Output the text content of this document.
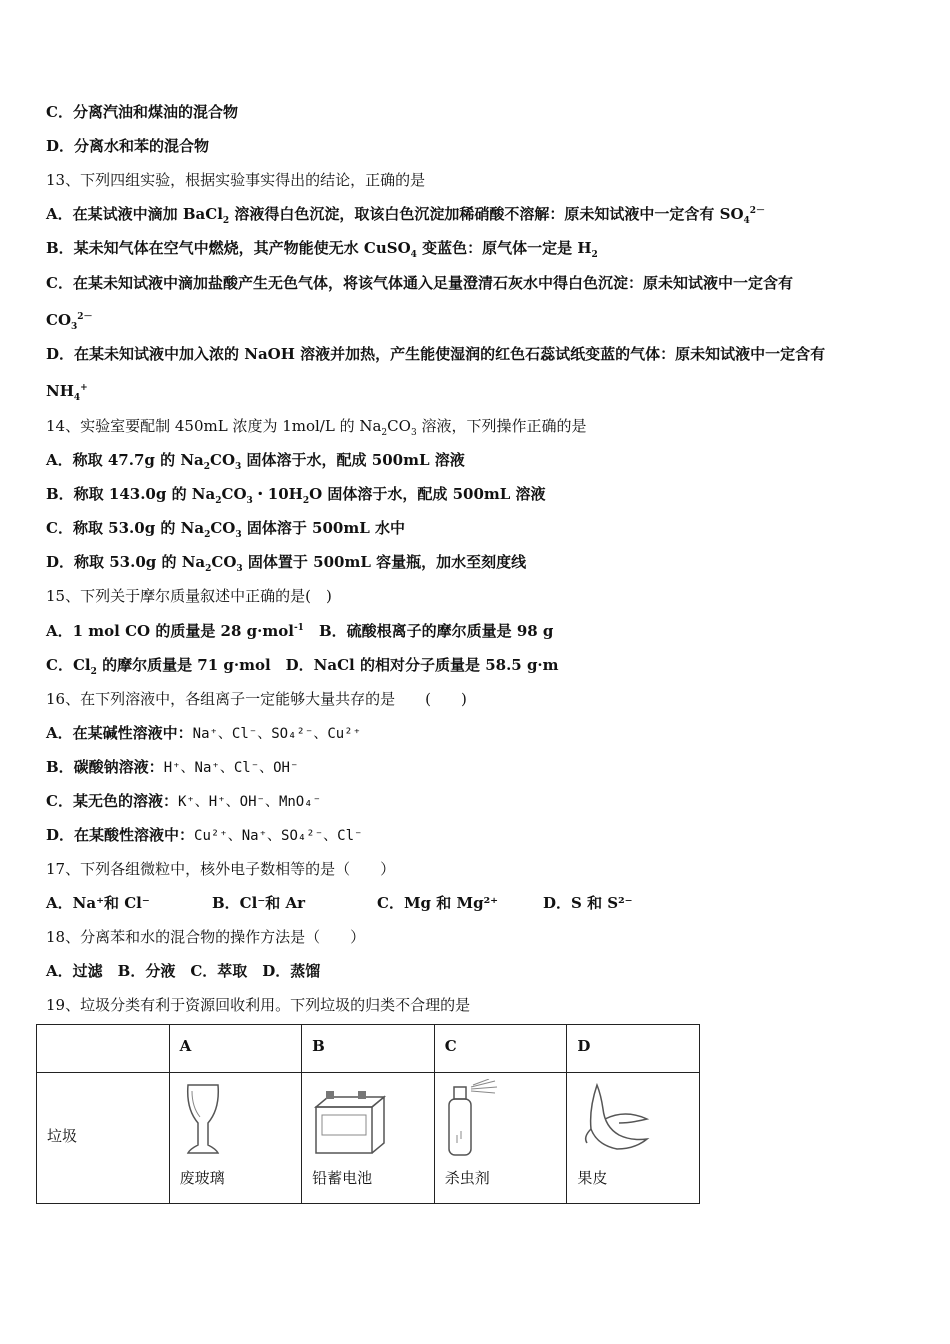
C．分离汽油和煤油的混合物
D．分离水和苯的混合物
13、下列四组实验，根据实验事实得出的结论，正确的是
A．在某试液中滴加 BaCl$_2$ 溶液得白色沉淀，取该白色沉淀加稀硝酸不溶解：原未知试液中一定含有 $SO_4^{2-}$
B．某未知气体在空气中燃烧，其产物能使无水 CuSO$_4$ 变蓝色：原气体一定是 $H_2$
C．在某未知试液中滴加盐酸产生无色气体，将该气体通入足量澄清石灰水中得白色沉淀：原未知试液中一定含有
$CO_3^{2-}$
D．在某未知试液中加入浓的 NaOH 溶液并加热，产生能使湿润的红色石蕊试纸变蓝的气体：原未知试液中一定含有
$NH_4^+$
14、实验室要配制 450mL 浓度为 1mol/L 的 $Na_2CO_3$ 溶液，下列操作正确的是
A．称取 47.7g 的 $Na_2CO_3$ 固体溶于水，配成 500mL 溶液
B．称取 143.0g 的 $Na_2CO_3$・$10H_2O$ 固体溶于水，配成 500mL 溶液
C．称取 53.0g 的 $Na_2CO_3$ 固体溶于 500mL 水中
D．称取 53.0g 的 $Na_2CO_3$ 固体置于 500mL 容量瓶，加水至刻度线
15、下列关于摩尔质量叙述中正确的是(　)
A．1 mol CO 的质量是 28 g·mol$^{-1}$　B．硫酸根离子的摩尔质量是 98 g
C．$Cl_2$ 的摩尔质量是 71 g·mol　D．NaCl 的相对分子质量是 58.5 g·m
16、在下列溶液中，各组离子一定能够大量共存的是　　(　　)
A．在某碱性溶液中：Na⁺、Cl⁻、SO₄²⁻、Cu²⁺
B．碳酸钠溶液：H⁺、Na⁺、Cl⁻、OH⁻
C．某无色的溶液：K⁺、H⁺、OH⁻、MnO₄⁻
D．在某酸性溶液中：Cu²⁺、Na⁺、SO₄²⁻、Cl⁻
17、下列各组微粒中，核外电子数相等的是（　　）
A．Na⁺和 Cl⁻	B．Cl⁻和 Ar	C．Mg 和 Mg²⁺	D．S 和 S²⁻
18、分离苯和水的混合物的操作方法是（　　）
A．过滤　B．分液　C．萃取　D．蒸馏
19、垃圾分类有利于资源回收利用。下列垃圾的归类不合理的是

	A	B	C	D

垃圾	废玻璃	铅蓄电池	杀虫剂	果皮
